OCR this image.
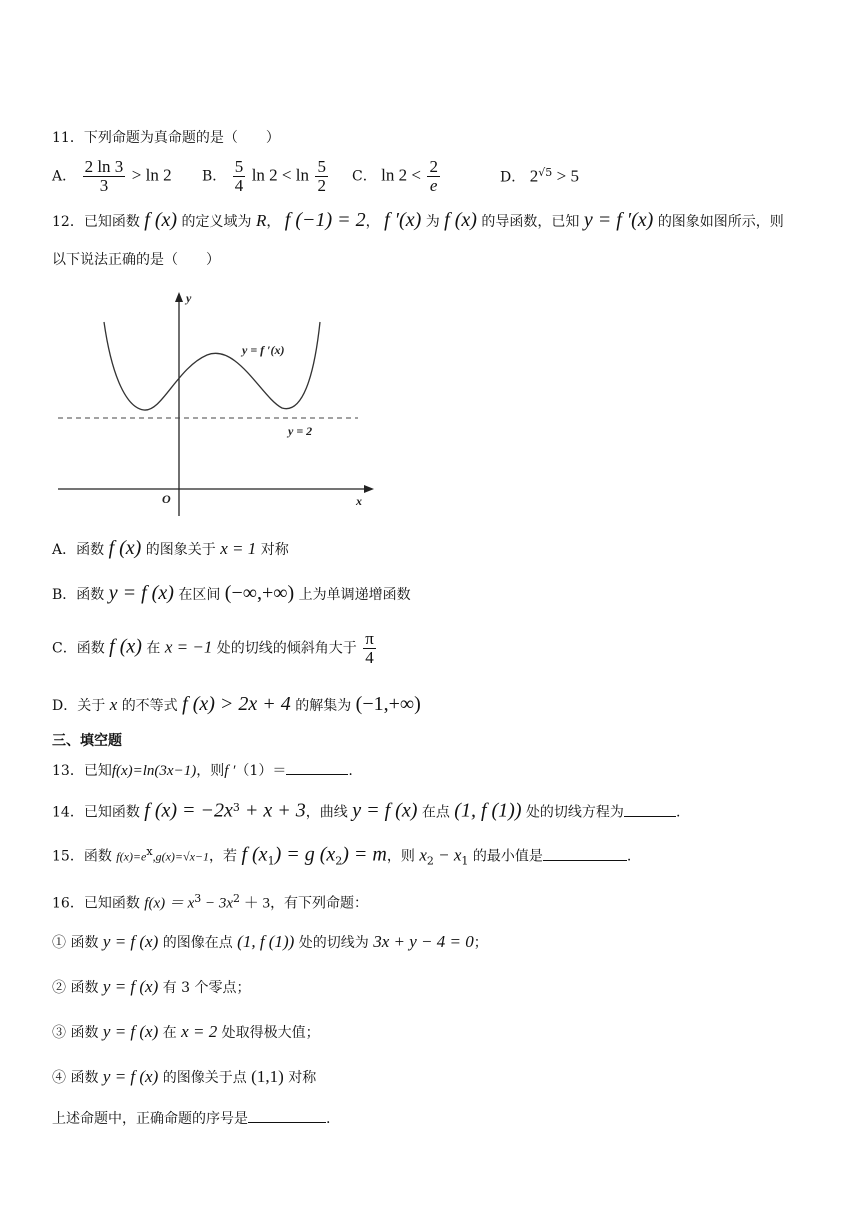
11．下列命题为真命题的是（　　）
A． $\frac{2 \ln 3}{3} > \ln 2$ B． $\frac{5}{4}$ $\ln 2 < \ln \frac{5}{2}$ C． $\ln 2 < \frac{2}{e}$	D． $2^{√5} > 5$
12．已知函数 f (x) 的定义域为 R， f (−1) = 2， f ′(x) 为 f (x) 的导函数，已知 y = f ′(x) 的图象如图所示，则
以下说法正确的是（　　）
y = f ′(x)
y = 2
y
x
O
A．函数 f (x) 的图象关于 x = 1 对称
B．函数 y = f (x) 在区间 (−∞,+∞) 上为单调递增函数
C．函数 f (x) 在 x = −1 处的切线的倾斜角大于 $\frac{\pi}{4}$
D．关于 x 的不等式 f (x) > 2x + 4 的解集为 (−1,+∞)
三、填空题
13．已知f(x)=ln(3x−1)，则f ′（1）＝	.
14．已知函数 f $(x) = -2x^3 + x + 3$，曲线 y = f (x) 在点 (1, f (1)) 处的切线方程为	.
15．函数 $f(x)=e^x,g(x)=√x-1$，若 f $(x_1) = g$ $(x_2) = m$，则 $x_2 - x_1$ 的最小值是	.
16．已知函数 $f(x) = x^3 - 3x^2 + 3$，有下列命题：
① 函数 y = f (x) 的图像在点 (1, f (1)) 处的切线为 3x + y − 4 = 0；
② 函数 y = f (x) 有 3 个零点；
③ 函数 y = f (x) 在 x = 2 处取得极大值；
④ 函数 y = f (x) 的图像关于点 (1,1) 对称
上述命题中，正确命题的序号是	.
